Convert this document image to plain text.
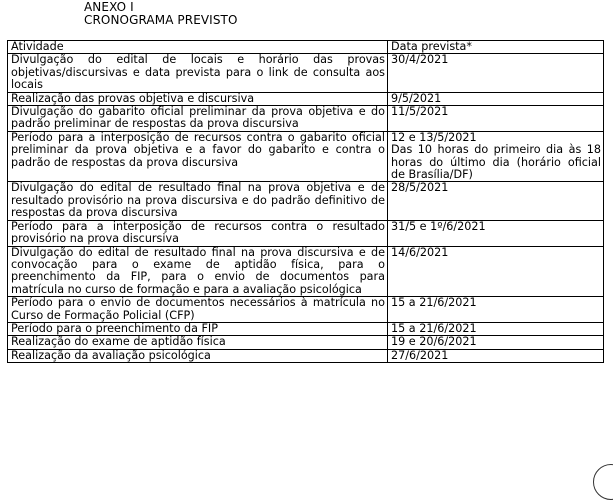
ANEXO I
CRONOGRAMA PREVISTO
Atividade	Data prevista*
Divulgação do edital de locais e horário das provas objetivas/discursivas e data prevista para o link de consulta aos locais	30/4/2021

Realização das provas objetiva e discursiva	9/5/2021

Divulgação do gabarito oficial preliminar da prova objetiva e do padrão preliminar de respostas da prova discursiva	11/5/2021

Período para a interposição de recursos contra o gabarito oficial preliminar da prova objetiva e a favor do gabarito e contra o padrão de respostas da prova discursiva	12 e 13/5/2021
Das 10 horas do primeiro dia às 18 horas do último dia (horário oficial de Brasília/DF)

Divulgação do edital de resultado final na prova objetiva e de resultado provisório na prova discursiva e do padrão definitivo de respostas da prova discursiva	28/5/2021

Período para a interposição de recursos contra o resultado provisório na prova discursiva	31/5 e 1º/6/2021

Divulgação do edital de resultado final na prova discursiva e de convocação para o exame de aptidão física, para o preenchimento da FIP, para o envio de documentos para matrícula no curso de formação e para a avaliação psicológica	14/6/2021

Período para o envio de documentos necessários à matrícula no Curso de Formação Policial (CFP)	15 a 21/6/2021

Período para o preenchimento da FIP	15 a 21/6/2021

Realização do exame de aptidão física	19 e 20/6/2021

Realização da avaliação psicológica	27/6/2021
